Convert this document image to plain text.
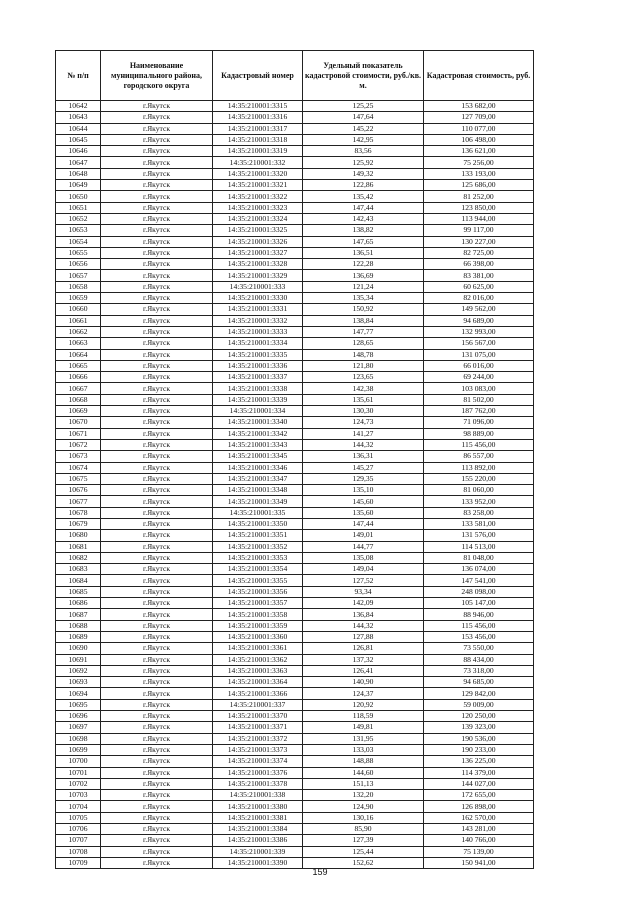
№ п/п	Наименование муниципального района, городского округа	Кадастровый номер	Удельный показатель кадастровой стоимости, руб./кв. м.	Кадастровая стоимость, руб.
10642	г.Якутск	14:35:210001:3315	125,25	153 682,00
10643	г.Якутск	14:35:210001:3316	147,64	127 709,00
10644	г.Якутск	14:35:210001:3317	145,22	110 077,00
10645	г.Якутск	14:35:210001:3318	142,95	106 498,00
10646	г.Якутск	14:35:210001:3319	83,56	136 621,00
10647	г.Якутск	14:35:210001:332	125,92	75 256,00
10648	г.Якутск	14:35:210001:3320	149,32	133 193,00
10649	г.Якутск	14:35:210001:3321	122,86	125 686,00
10650	г.Якутск	14:35:210001:3322	135,42	81 252,00
10651	г.Якутск	14:35:210001:3323	147,44	123 850,00
10652	г.Якутск	14:35:210001:3324	142,43	113 944,00
10653	г.Якутск	14:35:210001:3325	138,82	99 117,00
10654	г.Якутск	14:35:210001:3326	147,65	130 227,00
10655	г.Якутск	14:35:210001:3327	136,51	82 725,00
10656	г.Якутск	14:35:210001:3328	122,28	66 398,00
10657	г.Якутск	14:35:210001:3329	136,69	83 381,00
10658	г.Якутск	14:35:210001:333	121,24	60 625,00
10659	г.Якутск	14:35:210001:3330	135,34	82 016,00
10660	г.Якутск	14:35:210001:3331	150,92	149 562,00
10661	г.Якутск	14:35:210001:3332	138,84	94 689,00
10662	г.Якутск	14:35:210001:3333	147,77	132 993,00
10663	г.Якутск	14:35:210001:3334	128,65	156 567,00
10664	г.Якутск	14:35:210001:3335	148,78	131 075,00
10665	г.Якутск	14:35:210001:3336	121,80	66 016,00
10666	г.Якутск	14:35:210001:3337	123,65	69 244,00
10667	г.Якутск	14:35:210001:3338	142,38	103 083,00
10668	г.Якутск	14:35:210001:3339	135,61	81 502,00
10669	г.Якутск	14:35:210001:334	130,30	187 762,00
10670	г.Якутск	14:35:210001:3340	124,73	71 096,00
10671	г.Якутск	14:35:210001:3342	141,27	98 889,00
10672	г.Якутск	14:35:210001:3343	144,32	115 456,00
10673	г.Якутск	14:35:210001:3345	136,31	86 557,00
10674	г.Якутск	14:35:210001:3346	145,27	113 892,00
10675	г.Якутск	14:35:210001:3347	129,35	155 220,00
10676	г.Якутск	14:35:210001:3348	135,10	81 060,00
10677	г.Якутск	14:35:210001:3349	145,60	133 952,00
10678	г.Якутск	14:35:210001:335	135,60	83 258,00
10679	г.Якутск	14:35:210001:3350	147,44	133 581,00
10680	г.Якутск	14:35:210001:3351	149,01	131 576,00
10681	г.Якутск	14:35:210001:3352	144,77	114 513,00
10682	г.Якутск	14:35:210001:3353	135,08	81 048,00
10683	г.Якутск	14:35:210001:3354	149,04	136 074,00
10684	г.Якутск	14:35:210001:3355	127,52	147 541,00
10685	г.Якутск	14:35:210001:3356	93,34	248 098,00
10686	г.Якутск	14:35:210001:3357	142,09	105 147,00
10687	г.Якутск	14:35:210001:3358	136,84	88 946,00
10688	г.Якутск	14:35:210001:3359	144,32	115 456,00
10689	г.Якутск	14:35:210001:3360	127,88	153 456,00
10690	г.Якутск	14:35:210001:3361	126,81	73 550,00
10691	г.Якутск	14:35:210001:3362	137,32	88 434,00
10692	г.Якутск	14:35:210001:3363	126,41	73 318,00
10693	г.Якутск	14:35:210001:3364	140,90	94 685,00
10694	г.Якутск	14:35:210001:3366	124,37	129 842,00
10695	г.Якутск	14:35:210001:337	120,92	59 009,00
10696	г.Якутск	14:35:210001:3370	118,59	120 250,00
10697	г.Якутск	14:35:210001:3371	149,81	139 323,00
10698	г.Якутск	14:35:210001:3372	131,95	190 536,00
10699	г.Якутск	14:35:210001:3373	133,03	190 233,00
10700	г.Якутск	14:35:210001:3374	148,88	136 225,00
10701	г.Якутск	14:35:210001:3376	144,60	114 379,00
10702	г.Якутск	14:35:210001:3378	151,13	144 027,00
10703	г.Якутск	14:35:210001:338	132,20	172 655,00
10704	г.Якутск	14:35:210001:3380	124,90	126 898,00
10705	г.Якутск	14:35:210001:3381	130,16	162 570,00
10706	г.Якутск	14:35:210001:3384	85,90	143 281,00
10707	г.Якутск	14:35:210001:3386	127,39	140 766,00
10708	г.Якутск	14:35:210001:339	125,44	75 139,00
10709	г.Якутск	14:35:210001:3390	152,62	150 941,00
159
